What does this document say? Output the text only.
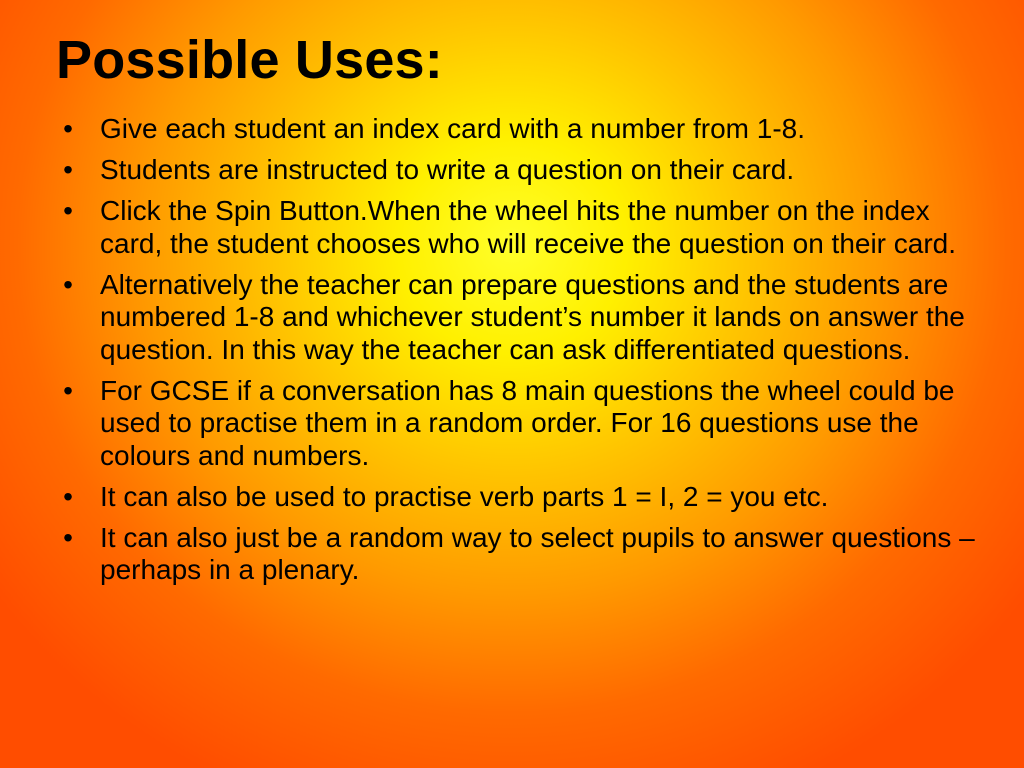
Possible Uses:
• Give each student an index card with a number from 1-8.
• Students are instructed to write a question on their card.
• Click the Spin Button.When the wheel hits the number on the index card, the student chooses who will receive the question on their card.
• Alternatively the teacher can prepare questions and the students are numbered 1-8 and whichever student’s number it lands on answer the question. In this way the teacher can ask differentiated questions.
• For GCSE if a conversation has 8 main questions the wheel could be used to practise them in a random order. For 16 questions use the colours and numbers.
• It can also be used to practise verb parts 1 = I, 2 = you etc.
• It can also just be a random way to select pupils to answer questions – perhaps in a plenary.
